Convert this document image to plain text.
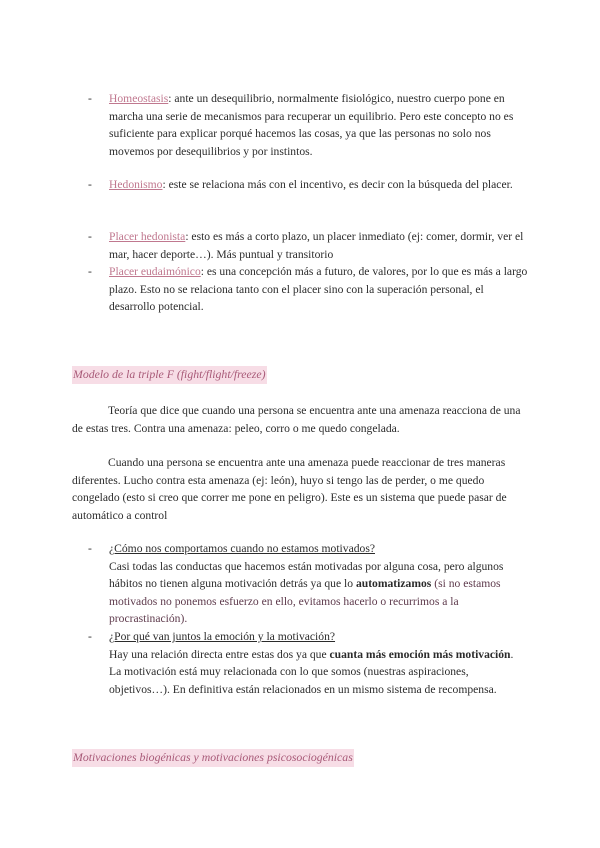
-	Homeostasis: ante un desequilibrio, normalmente fisiológico, nuestro cuerpo pone en marcha una serie de mecanismos para recuperar un equilibrio. Pero este concepto no es suficiente para explicar porqué hacemos las cosas, ya que las personas no solo nos movemos por desequilibrios y por instintos.
-	Hedonismo: este se relaciona más con el incentivo, es decir con la búsqueda del placer.
-	Placer hedonista: esto es más a corto plazo, un placer inmediato (ej: comer, dormir, ver el mar, hacer deporte…). Más puntual y transitorio
-	Placer eudaimónico: es una concepción más a futuro, de valores, por lo que es más a largo plazo. Esto no se relaciona tanto con el placer sino con la superación personal, el desarrollo potencial.
Modelo de la triple F (fight/flight/freeze)
Teoría que dice que cuando una persona se encuentra ante una amenaza reacciona de una de estas tres. Contra una amenaza: peleo, corro o me quedo congelada.
Cuando una persona se encuentra ante una amenaza puede reaccionar de tres maneras diferentes. Lucho contra esta amenaza (ej: león), huyo si tengo las de perder, o me quedo congelado (esto si creo que correr me pone en peligro). Este es un sistema que puede pasar de automático a control
-	¿Cómo nos comportamos cuando no estamos motivados?
Casi todas las conductas que hacemos están motivadas por alguna cosa, pero algunos hábitos no tienen alguna motivación detrás ya que lo automatizamos (si no estamos motivados no ponemos esfuerzo en ello, evitamos hacerlo o recurrimos a la procrastinación).
-	¿Por qué van juntos la emoción y la motivación?
Hay una relación directa entre estas dos ya que cuanta más emoción más motivación. La motivación está muy relacionada con lo que somos (nuestras aspiraciones, objetivos…). En definitiva están relacionados en un mismo sistema de recompensa.
Motivaciones biogénicas y motivaciones psicosociogénicas
